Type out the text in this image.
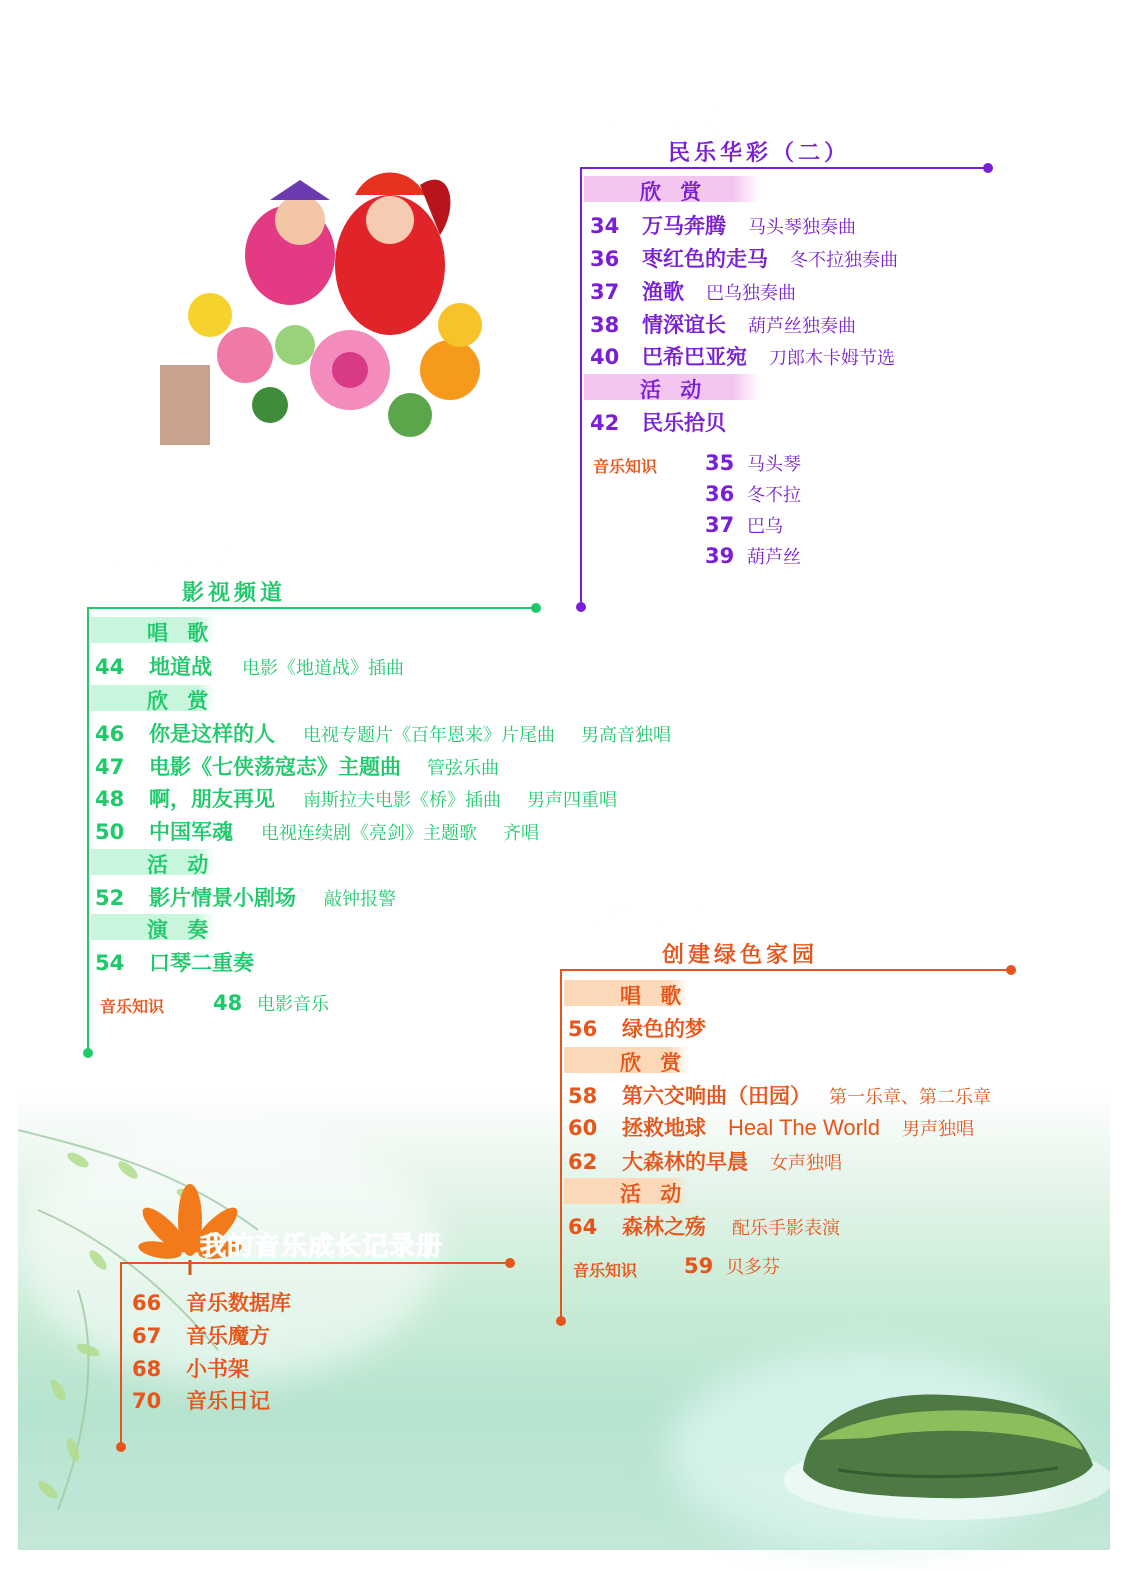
第四单元
民乐华彩（二）
欣 赏
34 万马奔腾 马头琴独奏曲
36 枣红色的走马 冬不拉独奏曲
37 渔歌 巴乌独奏曲
38 情深谊长 葫芦丝独奏曲
40 巴希巴亚宛 刀郎木卡姆节选
活 动
42 民乐拾贝
音乐知识 35 马头琴
36 冬不拉
37 巴乌
39 葫芦丝
第五单元
影视频道
唱 歌
44 地道战 电影《地道战》插曲
欣 赏
46 你是这样的人 电视专题片《百年恩来》片尾曲 男高音独唱
47 电影《七侠荡寇志》主题曲 管弦乐曲
48 啊，朋友再见 南斯拉夫电影《桥》插曲 男声四重唱
50 中国军魂 电视连续剧《亮剑》主题歌 齐唱
活 动
52 影片情景小剧场 敲钟报警
演 奏
54 口琴二重奏
音乐知识 48 电影音乐
第六单元
创建绿色家园
唱 歌
56 绿色的梦
欣 赏
58 第六交响曲（田园） 第一乐章、第二乐章
60 拯救地球 Heal The World 男声独唱
62 大森林的早晨 女声独唱
活 动
64 森林之殇 配乐手影表演
音乐知识 59 贝多芬
我的音乐成长记录册
66 音乐数据库
67 音乐魔方
68 小书架
70 音乐日记
